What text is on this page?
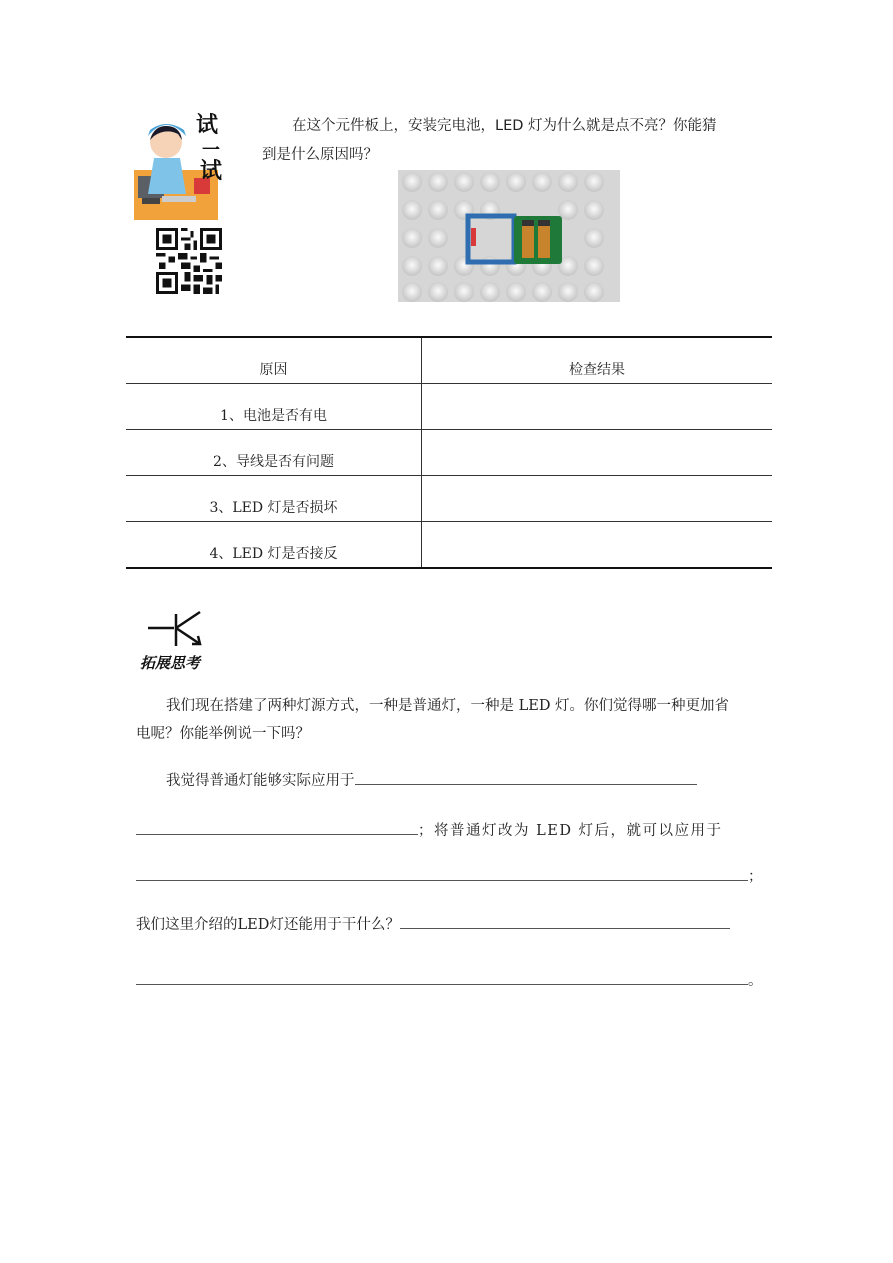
试
一
试
在这个元件板上，安装完电池，LED 灯为什么就是点不亮？你能猜
到是什么原因吗？
原因	检查结果
1、电池是否有电	
2、导线是否有问题	
3、LED 灯是否损坏	
4、LED 灯是否接反	
拓展思考
我们现在搭建了两种灯源方式，一种是普通灯，一种是 LED 灯。你们觉得哪一种更加省
电呢？你能举例说一下吗？
我觉得普通灯能够实际应用于
；将普通灯改为 LED 灯后，就可以应用于
；
我们这里介绍的LED灯还能用于干什么？
。
